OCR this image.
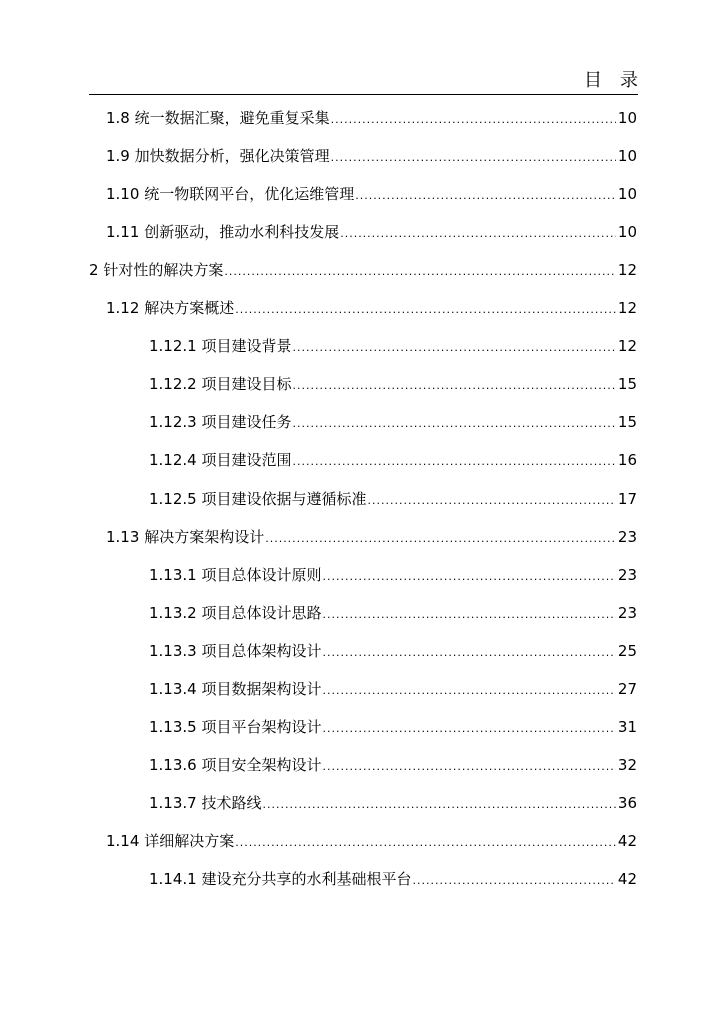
目录
1.8 统一数据汇聚，避免重复采集 .....	10
1.9 加快数据分析，强化决策管理 .....	10
1.10 统一物联网平台，优化运维管理 .....	10
1.11 创新驱动，推动水利科技发展 .....	10
2 针对性的解决方案 .....	12
1.12 解决方案概述 .....	12
1.12.1 项目建设背景 .....	12
1.12.2 项目建设目标 .....	15
1.12.3 项目建设任务 .....	15
1.12.4 项目建设范围 .....	16
1.12.5 项目建设依据与遵循标准 .....	17
1.13 解决方案架构设计 .....	23
1.13.1 项目总体设计原则 .....	23
1.13.2 项目总体设计思路 .....	23
1.13.3 项目总体架构设计 .....	25
1.13.4 项目数据架构设计 .....	27
1.13.5 项目平台架构设计 .....	31
1.13.6 项目安全架构设计 .....	32
1.13.7 技术路线 .....	36
1.14 详细解决方案 .....	42
1.14.1 建设充分共享的水利基础根平台 .....	42
